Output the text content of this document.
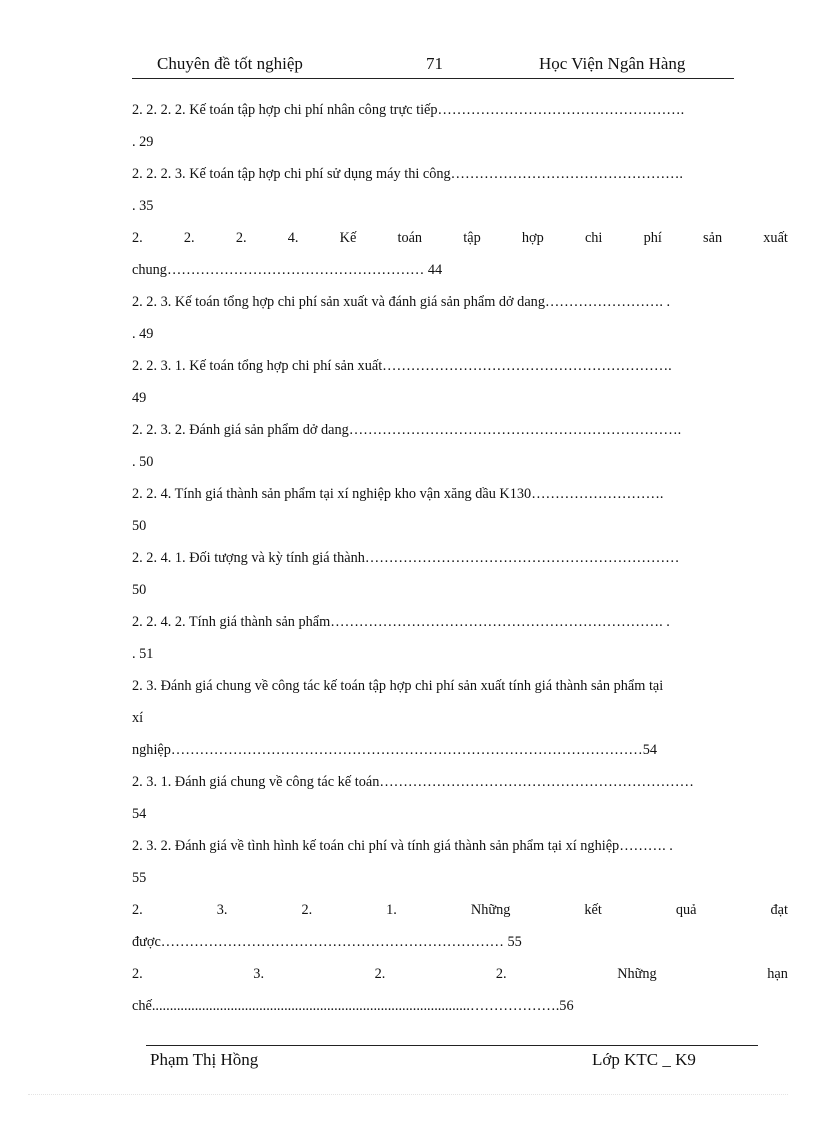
Chuyên đề tốt nghiệp	71	Học Viện Ngân Hàng
2. 2. 2. 2. Kế toán tập hợp chi phí nhân công trực tiếp…………………………………………….
. 29
2. 2. 2. 3. Kế toán tập hợp chi phí sử dụng máy thi công………………………………………….
. 35
2.	2.	2.	4.	Kế	toán	tập	hợp	chi	phí	sản	xuất
chung……………………………………………… 44
2. 2. 3. Kế toán tổng hợp chi phí sản xuất và đánh giá sản phẩm dở dang……………………. .
. 49
2. 2. 3. 1. Kế toán tổng hợp chi phí sản xuất…………………………………………………….
49
2. 2. 3. 2. Đánh giá sản phẩm dở dang…………………………………………………………….
. 50
2. 2. 4. Tính giá thành sản phẩm tại xí nghiệp kho vận xăng dầu K130……………………….
50
2. 2. 4. 1. Đối tượng và kỳ tính giá thành…………………………………………………………
50
2. 2. 4. 2. Tính giá thành sản phẩm……………………………………………………………. .
. 51
2. 3. Đánh giá chung về công tác kế toán tập hợp chi phí sản xuất tính giá thành sản phẩm tại
xí
nghiệp………………………………………………………………………………………54
2. 3. 1. Đánh giá chung về công tác kế toán…………………………………………………………
54
2. 3. 2. Đánh giá về tình hình kế toán chi phí và tính giá thành sản phẩm tại xí nghiệp………. .
55
2.	3.	2.	1.	Những	kết	quả	đạt
được……………………………………………………………… 55
2.	3.	2.	2.	Những	hạn
chế.........................................................................................……………….56
Phạm Thị Hồng	Lớp KTC _ K9
